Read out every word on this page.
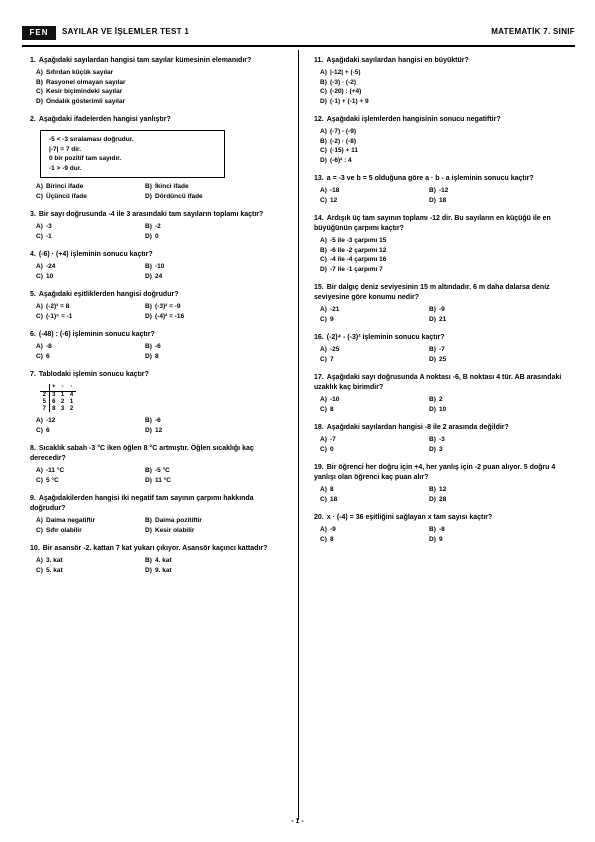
FEN	SAYILAR VE İŞLEMLER TEST 1	MATEMATİK 7. SINIF
1. Aşağıdaki sayılardan hangisi tam sayılar kümesinin elemanıdır?
A) Sıfırdan küçük sayılar
B) Rasyonel olmayan sayılar
C) Kesir biçimindeki sayılar
D) Ondalık gösterimli sayılar
2. Aşağıdaki ifadelerden hangisi yanlıştır?
-5 < -3 sıralaması doğrudur.
|-7| = 7 dir.
0 bir pozitif tam sayıdır.
-1 > -9 dur.
A) Birinci ifade	B) İkinci ifade
C) Üçüncü ifade	D) Dördüncü ifade
3. Bir sayı doğrusunda -4 ile 3 arasındaki tam sayıların toplamı kaçtır?
A) -3	B) -2
C) -1	D) 0
4. (-6) · (+4) işleminin sonucu kaçtır?
A) -24	B) -10
C) 10	D) 24
5. Aşağıdaki eşitliklerden hangisi doğrudur?
A) (-2)³ = 8	B) (-3)² = -9
C) (-1)⁵ = -1	D) (-4)² = -16
6. (-48) : (-6) işleminin sonucu kaçtır?
A) -8	B) -6
C) 6	D) 8
7. Tablodaki işlemin sonucu kaçtır?
	+	-	·
2	3	1	4
5	6	2	1
7	8	3	2
A) -12	B) -6
C) 6	D) 12
8. Sıcaklık sabah -3 °C iken öğlen 8 °C artmıştır. Öğlen sıcaklığı kaç derecedir?
A) -11 °C	B) -5 °C
C) 5 °C	D) 11 °C
9. Aşağıdakilerden hangisi iki negatif tam sayının çarpımı hakkında doğrudur?
A) Daima negatiftir	B) Daima pozitiftir
C) Sıfır olabilir	D) Kesir olabilir
10. Bir asansör -2. kattan 7 kat yukarı çıkıyor. Asansör kaçıncı kattadır?
A) 3. kat	B) 4. kat
C) 5. kat	D) 9. kat
11. Aşağıdaki sayılardan hangisi en büyüktür?
A) |-12| + (-5)
B) (-3) · (-2)
C) (-20) : (+4)
D) (-1) + (-1) + 9
12. Aşağıdaki işlemlerden hangisinin sonucu negatiftir?
A) (-7) - (-9)
B) (-2) · (-8)
C) (-15) + 11
D) (-6)² : 4
13. a = -3 ve b = 5 olduğuna göre a · b - a işleminin sonucu kaçtır?
A) -18	B) -12
C) 12	D) 18
14. Ardışık üç tam sayının toplamı -12 dir. Bu sayıların en küçüğü ile en büyüğünün çarpımı kaçtır?
A) -5 ile -3 çarpımı 15
B) -6 ile -2 çarpımı 12
C) -4 ile -4 çarpımı 16
D) -7 ile -1 çarpımı 7
15. Bir dalgıç deniz seviyesinin 15 m altındadır. 6 m daha dalarsa deniz seviyesine göre konumu nedir?
A) -21	B) -9
C) 9	D) 21
16. (-2)⁴ - (-3)² işleminin sonucu kaçtır?
A) -25	B) -7
C) 7	D) 25
17. Aşağıdaki sayı doğrusunda A noktası -6, B noktası 4 tür. AB arasındaki uzaklık kaç birimdir?
A) -10	B) 2
C) 8	D) 10
18. Aşağıdaki sayılardan hangisi -8 ile 2 arasında değildir?
A) -7	B) -3
C) 0	D) 3
19. Bir öğrenci her doğru için +4, her yanlış için -2 puan alıyor. 5 doğru 4 yanlışı olan öğrenci kaç puan alır?
A) 8	B) 12
C) 18	D) 28
20. x · (-4) = 36 eşitliğini sağlayan x tam sayısı kaçtır?
A) -9	B) -8
C) 8	D) 9
- 1 -
